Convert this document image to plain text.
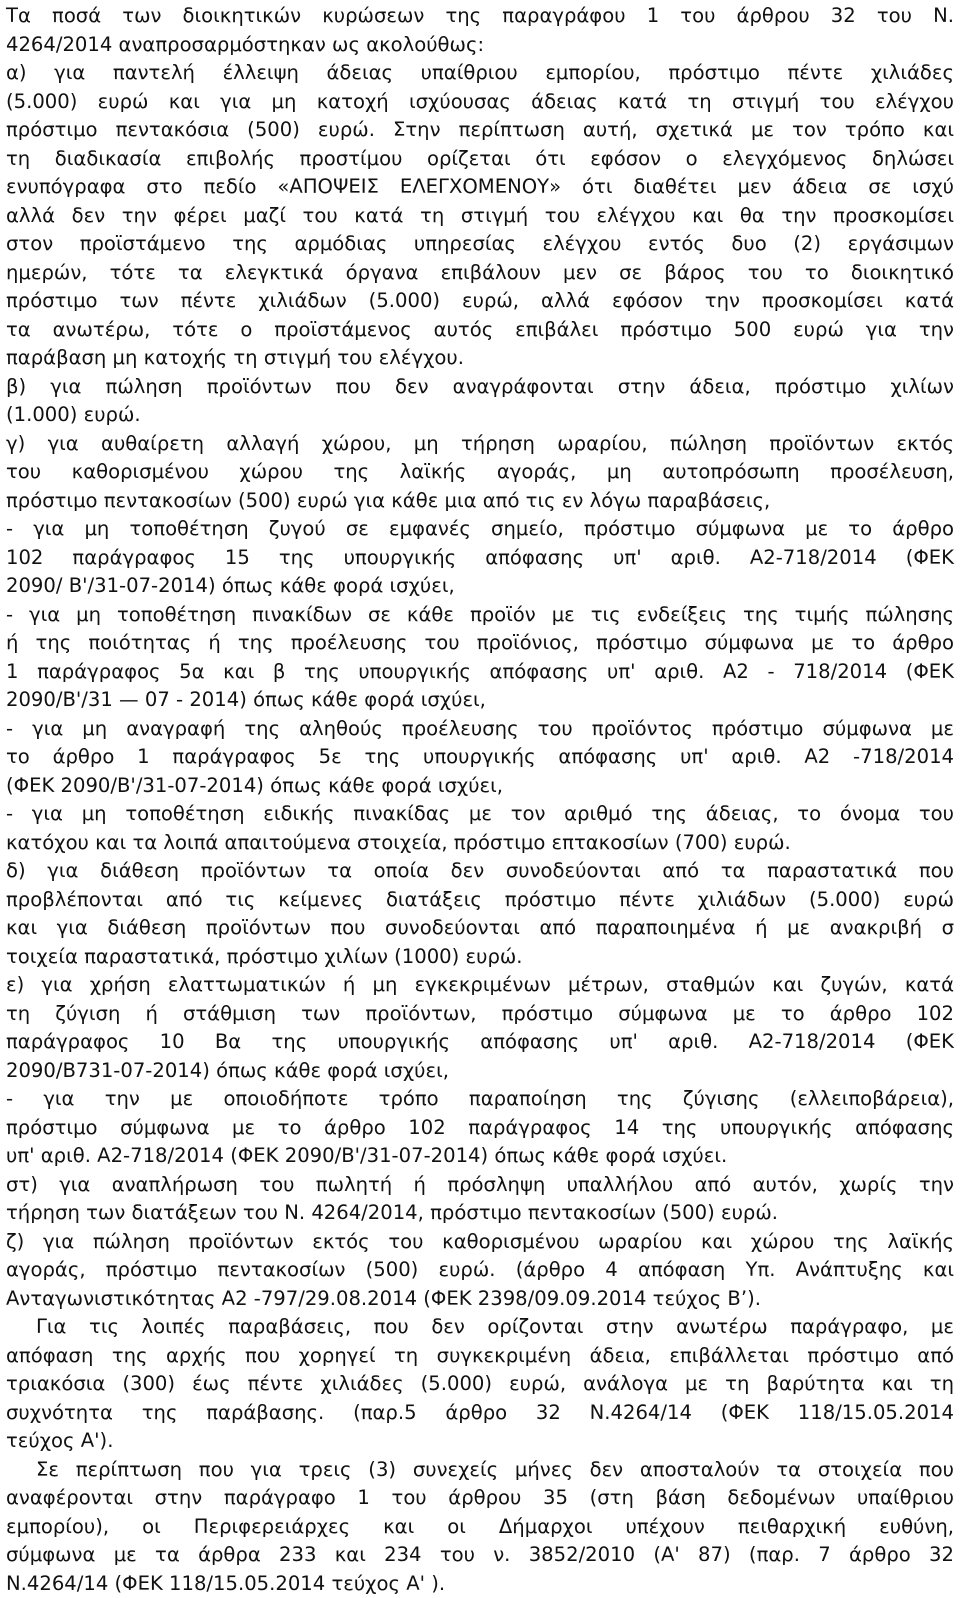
Τα ποσά των διοικητικών κυρώσεων της παραγράφου 1 του άρθρου 32 του Ν.
4264/2014 αναπροσαρμόστηκαν ως ακολούθως:
α) για παντελή έλλειψη άδειας υπαίθριου εμπορίου, πρόστιμο πέντε χιλιάδες
(5.000) ευρώ και για μη κατοχή ισχύουσας άδειας κατά τη στιγμή του ελέγχου
πρόστιμο πεντακόσια (500) ευρώ. Στην περίπτωση αυτή, σχετικά με τον τρόπο και
τη διαδικασία επιβολής προστίμου ορίζεται ότι εφόσον ο ελεγχόμενος δηλώσει
ενυπόγραφα στο πεδίο «ΑΠΟΨΕΙΣ ΕΛΕΓΧΟΜΕΝΟΥ» ότι διαθέτει μεν άδεια σε ισχύ
αλλά δεν την φέρει μαζί του κατά τη στιγμή του ελέγχου και θα την προσκομίσει
στον προϊστάμενο της αρμόδιας υπηρεσίας ελέγχου εντός δυο (2) εργάσιμων
ημερών, τότε τα ελεγκτικά όργανα επιβάλουν μεν σε βάρος του το διοικητικό
πρόστιμο των πέντε χιλιάδων (5.000) ευρώ, αλλά εφόσον την προσκομίσει κατά
τα ανωτέρω, τότε ο προϊστάμενος αυτός επιβάλει πρόστιμο 500 ευρώ για την
παράβαση μη κατοχής τη στιγμή του ελέγχου.
β) για πώληση προϊόντων που δεν αναγράφονται στην άδεια, πρόστιμο χιλίων
(1.000) ευρώ.
γ) για αυθαίρετη αλλαγή χώρου, μη τήρηση ωραρίου, πώληση προϊόντων εκτός
του καθορισμένου χώρου της λαϊκής αγοράς, μη αυτοπρόσωπη προσέλευση,
πρόστιμο πεντακοσίων (500) ευρώ για κάθε μια από τις εν λόγω παραβάσεις,
- για μη τοποθέτηση ζυγού σε εμφανές σημείο, πρόστιμο σύμφωνα με το άρθρο
102 παράγραφος 15 της υπουργικής απόφασης υπ' αριθ. Α2-718/2014 (ΦΕΚ
2090/ Β'/31-07-2014) όπως κάθε φορά ισχύει,
- για μη τοποθέτηση πινακίδων σε κάθε προϊόν με τις ενδείξεις της τιμής πώλησης
ή της ποιότητας ή της προέλευσης του προϊόνιος, πρόστιμο σύμφωνα με το άρθρο
1 παράγραφος 5α και β της υπουργικής απόφασης υπ' αριθ. Α2 - 718/2014 (ΦΕΚ
2090/Β'/31 — 07 - 2014) όπως κάθε φορά ισχύει,
- για μη αναγραφή της αληθούς προέλευσης του προϊόντος πρόστιμο σύμφωνα με
το άρθρο 1 παράγραφος 5ε της υπουργικής απόφασης υπ' αριθ. Α2 -718/2014
(ΦΕΚ 2090/Β'/31-07-2014) όπως κάθε φορά ισχύει,
- για μη τοποθέτηση ειδικής πινακίδας με τον αριθμό της άδειας, το όνομα του
κατόχου και τα λοιπά απαιτούμενα στοιχεία, πρόστιμο επτακοσίων (700) ευρώ.
δ) για διάθεση προϊόντων τα οποία δεν συνοδεύονται από τα παραστατικά που
προβλέπονται από τις κείμενες διατάξεις πρόστιμο πέντε χιλιάδων (5.000) ευρώ
και για διάθεση προϊόντων που συνοδεύονται από παραπoιημένα ή με ανακριβή σ
τοιχεία παραστατικά, πρόστιμο χιλίων (1000) ευρώ.
ε) για χρήση ελαττωματικών ή μη εγκεκριμένων μέτρων, σταθμών και ζυγών, κατά
τη ζύγιση ή στάθμιση των προϊόντων, πρόστιμο σύμφωνα με το άρθρο 102
παράγραφος 10 Βα της υπουργικής απόφασης υπ' αριθ. Α2-718/2014 (ΦΕΚ
2090/Β731-07-2014) όπως κάθε φορά ισχύει,
- για την με οποιοδήποτε τρόπο παραποίηση της ζύγισης (ελλειποβάρεια),
πρόστιμο σύμφωνα με το άρθρο 102 παράγραφος 14 της υπουργικής απόφασης
υπ' αριθ. Α2-718/2014 (ΦΕΚ 2090/Β'/31-07-2014) όπως κάθε φορά ισχύει.
στ) για αναπλήρωση του πωλητή ή πρόσληψη υπαλλήλου από αυτόν, χωρίς την
τήρηση των διατάξεων του Ν. 4264/2014, πρόστιμο πεντακοσίων (500) ευρώ.
ζ) για πώληση προϊόντων εκτός του καθορισμένου ωραρίου και χώρου της λαϊκής
αγοράς, πρόστιμο πεντακοσίων (500) ευρώ. (άρθρο 4 απόφαση Υπ. Ανάπτυξης και
Ανταγωνιστικότητας Α2 -797/29.08.2014 (ΦΕΚ 2398/09.09.2014 τεύχος Β’).
Για τις λοιπές παραβάσεις, που δεν ορίζονται στην ανωτέρω παράγραφο, με
απόφαση της αρχής που χορηγεί τη συγκεκριμένη άδεια, επιβάλλεται πρόστιμο από
τριακόσια (300) έως πέντε χιλιάδες (5.000) ευρώ, ανάλογα με τη βαρύτητα και τη
συχνότητα της παράβασης. (παρ.5 άρθρο 32 Ν.4264/14 (ΦΕΚ 118/15.05.2014
τεύχος Α').
Σε περίπτωση που για τρεις (3) συνεχείς μήνες δεν αποσταλούν τα στοιχεία που
αναφέρονται στην παράγραφο 1 του άρθρου 35 (στη βάση δεδομένων υπαίθριου
εμπορίου), οι Περιφερειάρχες και οι Δήμαρχοι υπέχουν πειθαρχική ευθύνη,
σύμφωνα με τα άρθρα 233 και 234 του ν. 3852/2010 (Α' 87) (παρ. 7 άρθρο 32
Ν.4264/14 (ΦΕΚ 118/15.05.2014 τεύχος Α' ).
